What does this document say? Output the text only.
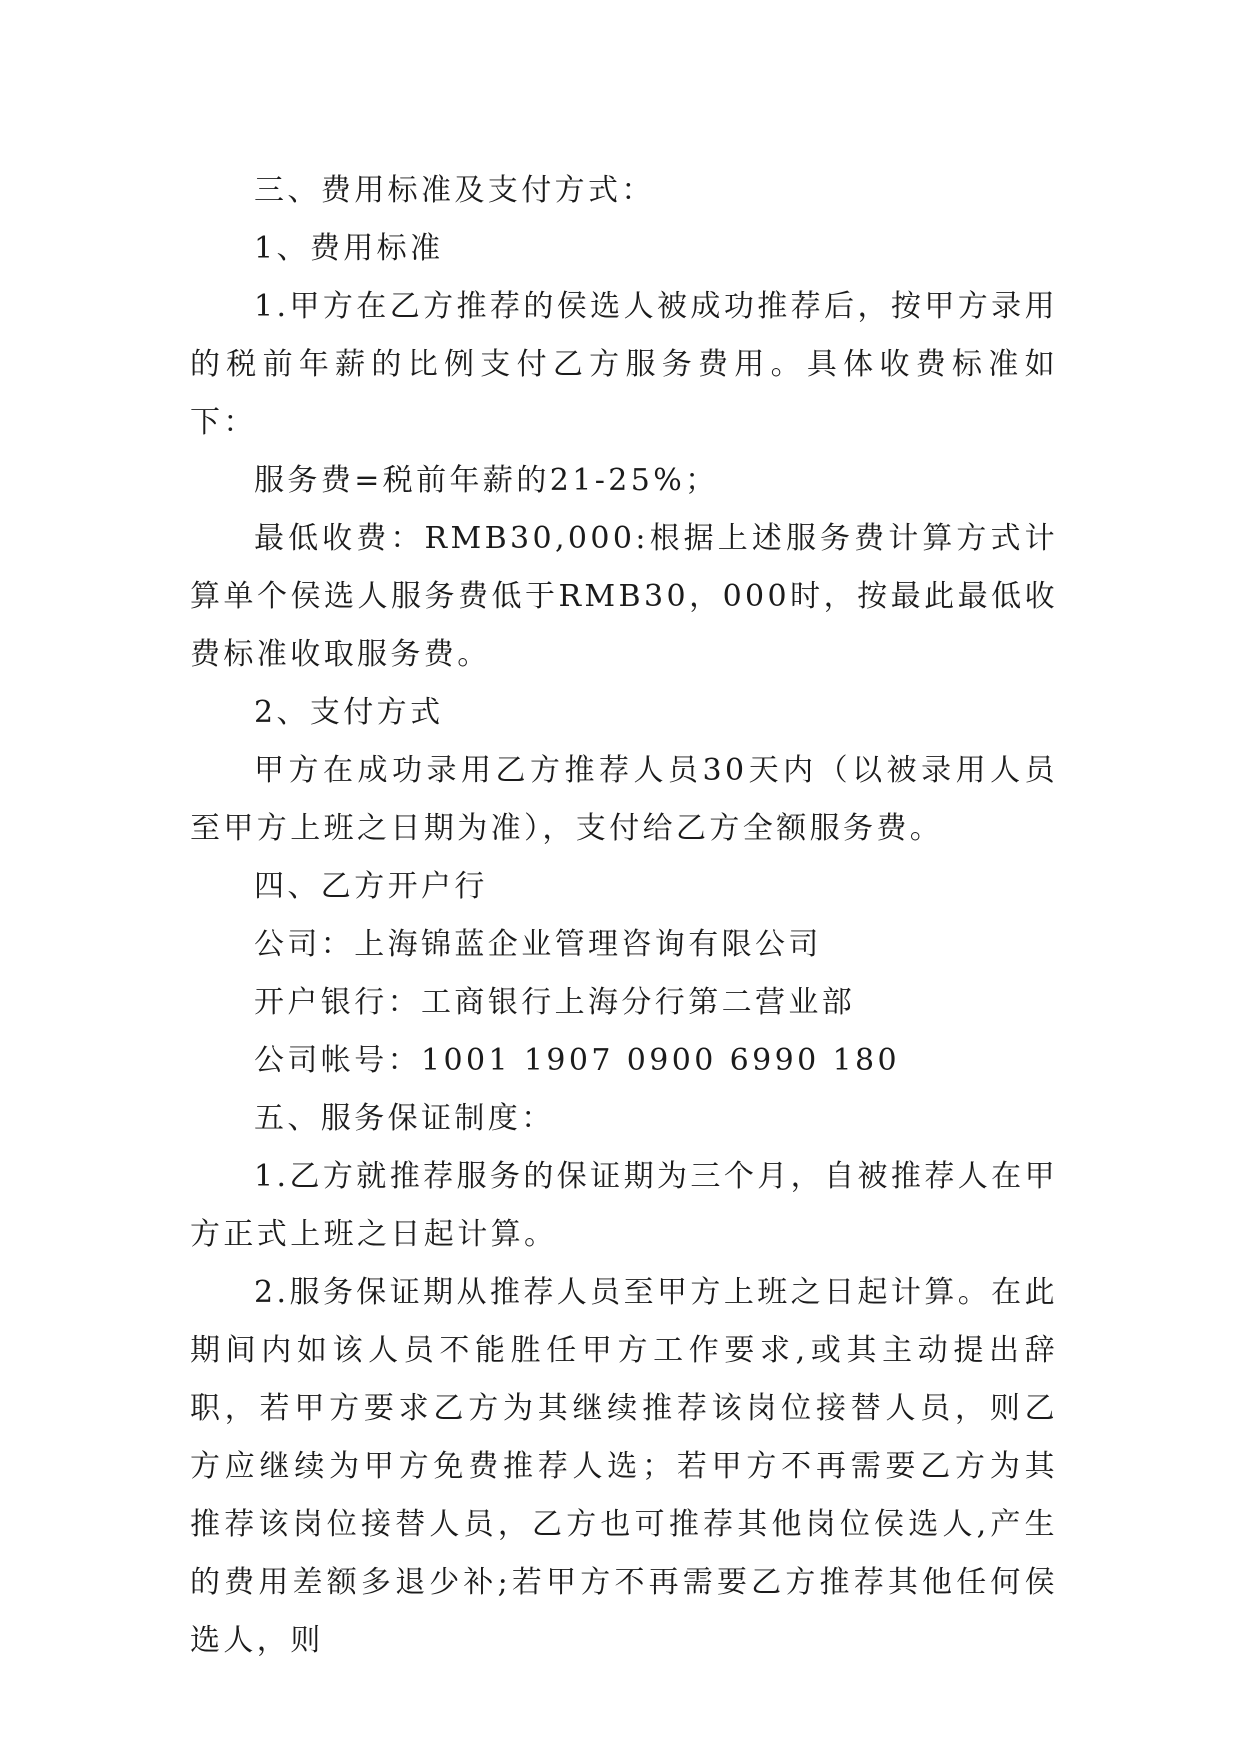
三、费用标准及支付方式：

1、费用标准

1.甲方在乙方推荐的侯选人被成功推荐后，按甲方录用的税前年薪的比例支付乙方服务费用。具体收费标准如下：

服务费=税前年薪的21-25%；

最低收费：RMB30,000:根据上述服务费计算方式计算单个侯选人服务费低于RMB30，000时，按最此最低收费标准收取服务费。

2、支付方式

甲方在成功录用乙方推荐人员30天内（以被录用人员至甲方上班之日期为准），支付给乙方全额服务费。

四、乙方开户行

公司：上海锦蓝企业管理咨询有限公司

开户银行：工商银行上海分行第二营业部

公司帐号：1001 1907 0900 6990 180

五、服务保证制度：

1.乙方就推荐服务的保证期为三个月，自被推荐人在甲方正式上班之日起计算。

2.服务保证期从推荐人员至甲方上班之日起计算。在此期间内如该人员不能胜任甲方工作要求,或其主动提出辞职，若甲方要求乙方为其继续推荐该岗位接替人员，则乙方应继续为甲方免费推荐人选；若甲方不再需要乙方为其推荐该岗位接替人员，乙方也可推荐其他岗位侯选人,产生的费用差额多退少补;若甲方不再需要乙方推荐其他任何侯选人，则
